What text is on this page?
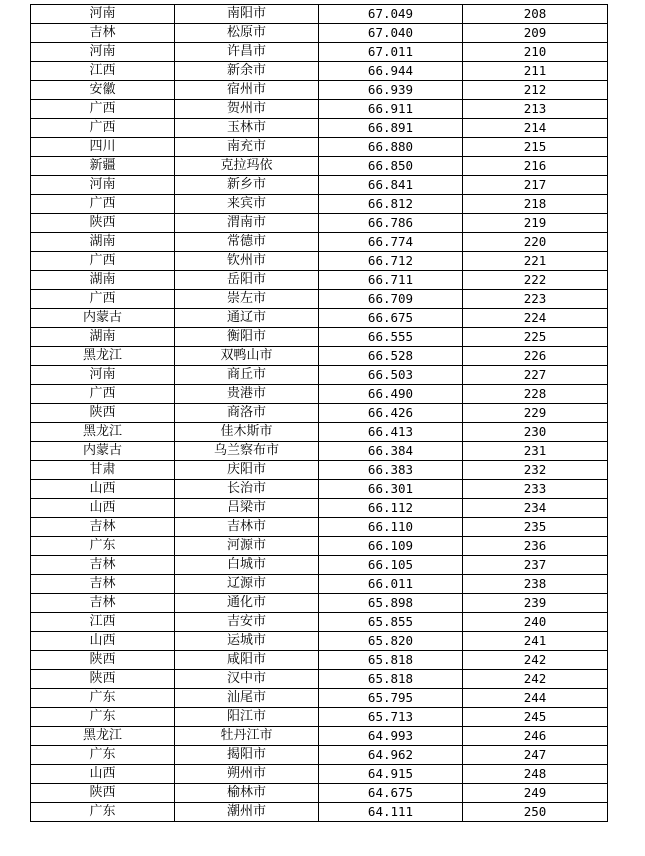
河南	南阳市	67.049	208
吉林	松原市	67.040	209
河南	许昌市	67.011	210
江西	新余市	66.944	211
安徽	宿州市	66.939	212
广西	贺州市	66.911	213
广西	玉林市	66.891	214
四川	南充市	66.880	215
新疆	克拉玛依	66.850	216
河南	新乡市	66.841	217
广西	来宾市	66.812	218
陕西	渭南市	66.786	219
湖南	常德市	66.774	220
广西	钦州市	66.712	221
湖南	岳阳市	66.711	222
广西	崇左市	66.709	223
内蒙古	通辽市	66.675	224
湖南	衡阳市	66.555	225
黑龙江	双鸭山市	66.528	226
河南	商丘市	66.503	227
广西	贵港市	66.490	228
陕西	商洛市	66.426	229
黑龙江	佳木斯市	66.413	230
内蒙古	乌兰察布市	66.384	231
甘肃	庆阳市	66.383	232
山西	长治市	66.301	233
山西	吕梁市	66.112	234
吉林	吉林市	66.110	235
广东	河源市	66.109	236
吉林	白城市	66.105	237
吉林	辽源市	66.011	238
吉林	通化市	65.898	239
江西	吉安市	65.855	240
山西	运城市	65.820	241
陕西	咸阳市	65.818	242
陕西	汉中市	65.818	242
广东	汕尾市	65.795	244
广东	阳江市	65.713	245
黑龙江	牡丹江市	64.993	246
广东	揭阳市	64.962	247
山西	朔州市	64.915	248
陕西	榆林市	64.675	249
广东	潮州市	64.111	250
